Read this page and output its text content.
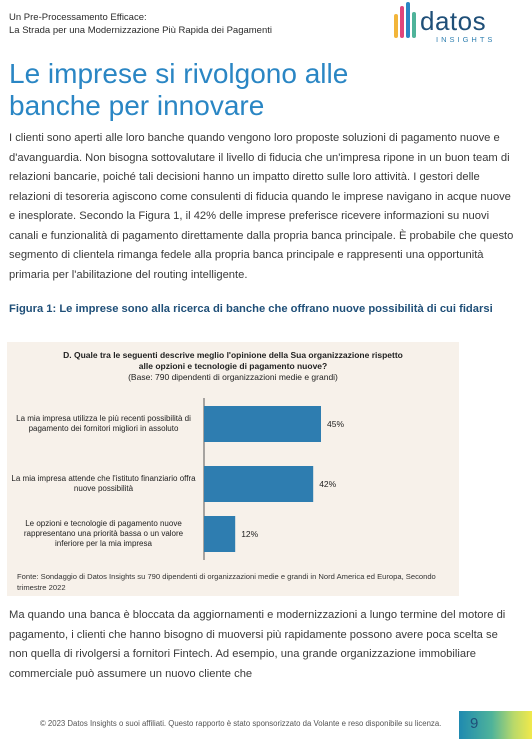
Un Pre-Processamento Efficace:
La Strada per una Modernizzazione Più Rapida dei Pagamenti	datos
INSIGHTS
Le imprese si rivolgono alle banche per innovare

I clienti sono aperti alle loro banche quando vengono loro proposte soluzioni di pagamento nuove e d'avanguardia. Non bisogna sottovalutare il livello di fiducia che un'impresa ripone in un buon team di relazioni bancarie, poiché tali decisioni hanno un impatto diretto sulle loro attività. I gestori delle relazioni di tesoreria agiscono come consulenti di fiducia quando le imprese navigano in acque nuove e inesplorate. Secondo la Figura 1, il 42% delle imprese preferisce ricevere informazioni su nuovi canali e funzionalità di pagamento direttamente dalla propria banca principale. È probabile che questo segmento di clientela rimanga fedele alla propria banca principale e rappresenti una opportunità primaria per l'abilitazione del routing intelligente.

Figura 1: Le imprese sono alla ricerca di banche che offrano nuove possibilità di cui fidarsi

D. Quale tra le seguenti descrive meglio l'opinione della Sua organizzazione rispetto alle opzioni e tecnologie di pagamento nuove?
(Base: 790 dipendenti di organizzazioni medie e grandi)
45%
La mia impresa utilizza le più recenti possibilità di pagamento dei fornitori migliori in assoluto
42%
La mia impresa attende che l'istituto finanziario offra nuove possibilità
12%
Le opzioni e tecnologie di pagamento nuove rappresentano una priorità bassa o un valore inferiore per la mia impresa
Fonte: Sondaggio di Datos Insights su 790 dipendenti di organizzazioni medie e grandi in Nord America ed Europa, Secondo trimestre 2022

Ma quando una banca è bloccata da aggiornamenti e modernizzazioni a lungo termine del motore di pagamento, i clienti che hanno bisogno di muoversi più rapidamente possono avere poca scelta se non quella di rivolgersi a fornitori Fintech. Ad esempio, una grande organizzazione immobiliare commerciale può assumere un nuovo cliente che

© 2023 Datos Insights o suoi affiliati. Questo rapporto è stato sponsorizzato da Volante e reso disponibile su licenza. 9
